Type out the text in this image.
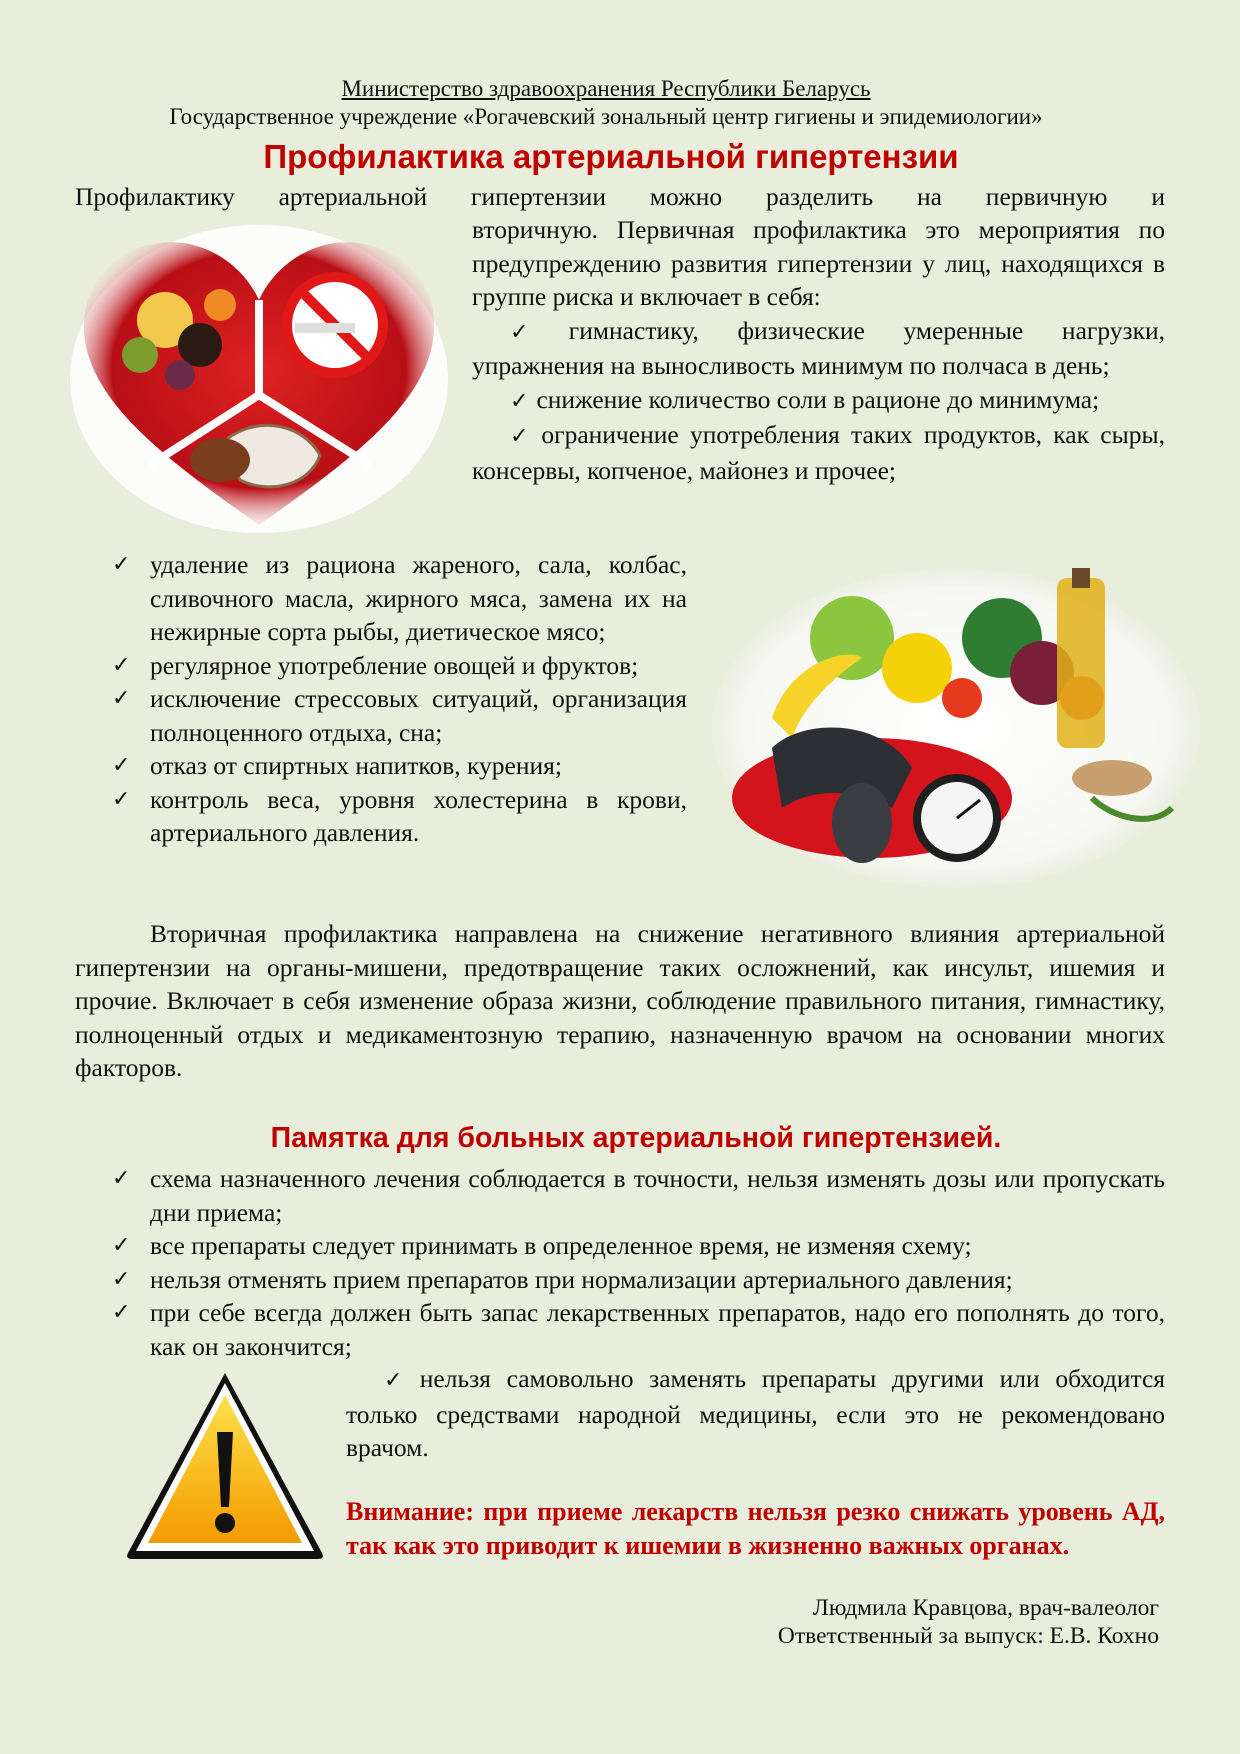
Министерство здравоохранения Республики Беларусь
Государственное учреждение «Рогачевский зональный центр гигиены и эпидемиологии»
Профилактика артериальной гипертензии
Профилактику артериальной гипертензии можно разделить на первичную и

вторичную. Первичная профилактика это мероприятия по предупреждению развития гипертензии у лиц, находящихся в группе риска и включает в себя:

✓ гимнастику, физические умеренные нагрузки, упражнения на выносливость минимум по полчаса в день;

✓ снижение количество соли в рационе до минимума;

✓ ограничение употребления таких продуктов, как сыры, консервы, копченое, майонез и прочее;

✓ удаление из рациона жареного, сала, колбас, сливочного масла, жирного мяса, замена их на нежирные сорта рыбы, диетическое мясо;
✓ регулярное употребление овощей и фруктов;
✓ исключение стрессовых ситуаций, организация полноценного отдыха, сна;
✓ отказ от спиртных напитков, курения;
✓ контроль веса, уровня холестерина в крови, артериального давления.
Вторичная профилактика направлена на снижение негативного влияния артериальной гипертензии на органы-мишени, предотвращение таких осложнений, как инсульт, ишемия и прочие. Включает в себя изменение образа жизни, соблюдение правильного питания, гимнастику, полноценный отдых и медикаментозную терапию, назначенную врачом на основании многих факторов.
Памятка для больных артериальной гипертензией.
✓ схема назначенного лечения соблюдается в точности, нельзя изменять дозы или пропускать дни приема;
✓ все препараты следует принимать в определенное время, не изменяя схему;
✓ нельзя отменять прием препаратов при нормализации артериального давления;
✓ при себе всегда должен быть запас лекарственных препаратов, надо его пополнять до того, как он закончится;
✓ нельзя самовольно заменять препараты другими или обходится только средствами народной медицины, если это не рекомендовано врачом.
Внимание: при приеме лекарств нельзя резко снижать уровень АД, так как это приводит к ишемии в жизненно важных органах.
Людмила Кравцова, врач-валеолог
Ответственный за выпуск: Е.В. Кохно
